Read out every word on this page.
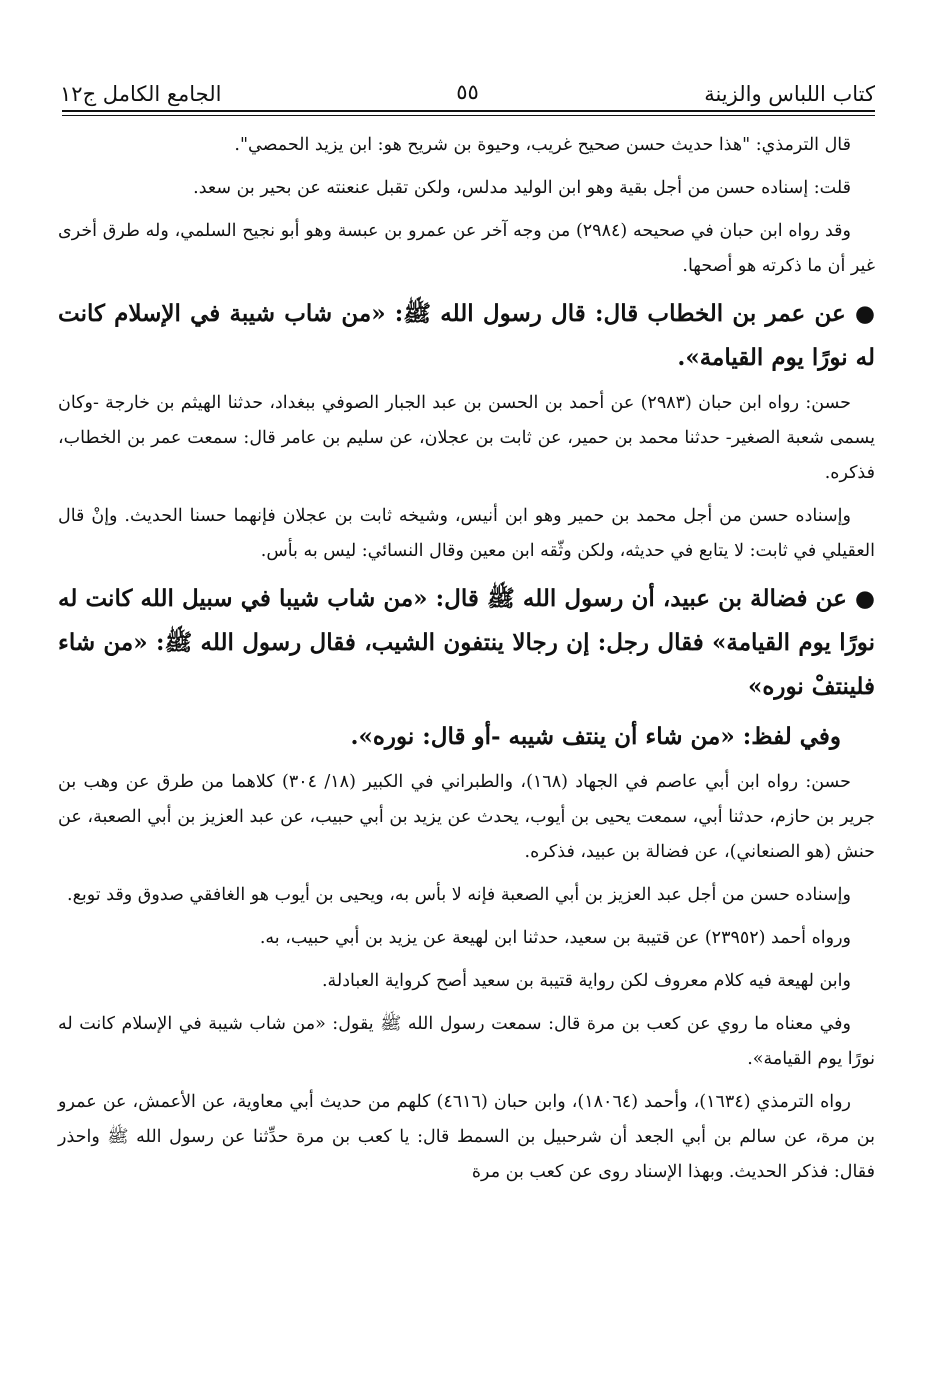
كتاب اللباس والزينة
٥٥
الجامع الكامل ج١٢

قال الترمذي: "هذا حديث حسن صحيح غريب، وحيوة بن شريح هو: ابن يزيد الحمصي".

قلت: إسناده حسن من أجل بقية وهو ابن الوليد مدلس، ولكن تقبل عنعنته عن بحير بن سعد.

وقد رواه ابن حبان في صحيحه (٢٩٨٤) من وجه آخر عن عمرو بن عبسة وهو أبو نجيح السلمي، وله طرق أخرى غير أن ما ذكرته هو أصحها.

● عن عمر بن الخطاب قال: قال رسول الله ﷺ: «من شاب شيبة في الإسلام كانت له نورًا يوم القيامة».

حسن: رواه ابن حبان (٢٩٨٣) عن أحمد بن الحسن بن عبد الجبار الصوفي ببغداد، حدثنا الهيثم بن خارجة -وكان يسمى شعبة الصغير- حدثنا محمد بن حمير، عن ثابت بن عجلان، عن سليم بن عامر قال: سمعت عمر بن الخطاب، فذكره.

وإسناده حسن من أجل محمد بن حمير وهو ابن أنيس، وشيخه ثابت بن عجلان فإنهما حسنا الحديث. وإنْ قال العقيلي في ثابت: لا يتابع في حديثه، ولكن وثّقه ابن معين وقال النسائي: ليس به بأس.

● عن فضالة بن عبيد، أن رسول الله ﷺ قال: «من شاب شيبا في سبيل الله كانت له نورًا يوم القيامة» فقال رجل: إن رجالا ينتفون الشيب، فقال رسول الله ﷺ: «من شاء فلينتفْ نوره»

وفي لفظ: «من شاء أن ينتف شيبه -أو قال: نوره».

حسن: رواه ابن أبي عاصم في الجهاد (١٦٨)، والطبراني في الكبير (١٨/ ٣٠٤) كلاهما من طرق عن وهب بن جرير بن حازم، حدثنا أبي، سمعت يحيى بن أيوب، يحدث عن يزيد بن أبي حبيب، عن عبد العزيز بن أبي الصعبة، عن حنش (هو الصنعاني)، عن فضالة بن عبيد، فذكره.

وإسناده حسن من أجل عبد العزيز بن أبي الصعبة فإنه لا بأس به، ويحيى بن أيوب هو الغافقي صدوق وقد توبع.

ورواه أحمد (٢٣٩٥٢) عن قتيبة بن سعيد، حدثنا ابن لهيعة عن يزيد بن أبي حبيب، به.

وابن لهيعة فيه كلام معروف لكن رواية قتيبة بن سعيد أصح كرواية العبادلة.

وفي معناه ما روي عن كعب بن مرة قال: سمعت رسول الله ﷺ يقول: «من شاب شيبة في الإسلام كانت له نورًا يوم القيامة».

رواه الترمذي (١٦٣٤)، وأحمد (١٨٠٦٤)، وابن حبان (٤٦١٦) كلهم من حديث أبي معاوية، عن الأعمش، عن عمرو بن مرة، عن سالم بن أبي الجعد أن شرحبيل بن السمط قال: يا كعب بن مرة حدِّثنا عن رسول الله ﷺ واحذر فقال: فذكر الحديث. وبهذا الإسناد روى عن كعب بن مرة
